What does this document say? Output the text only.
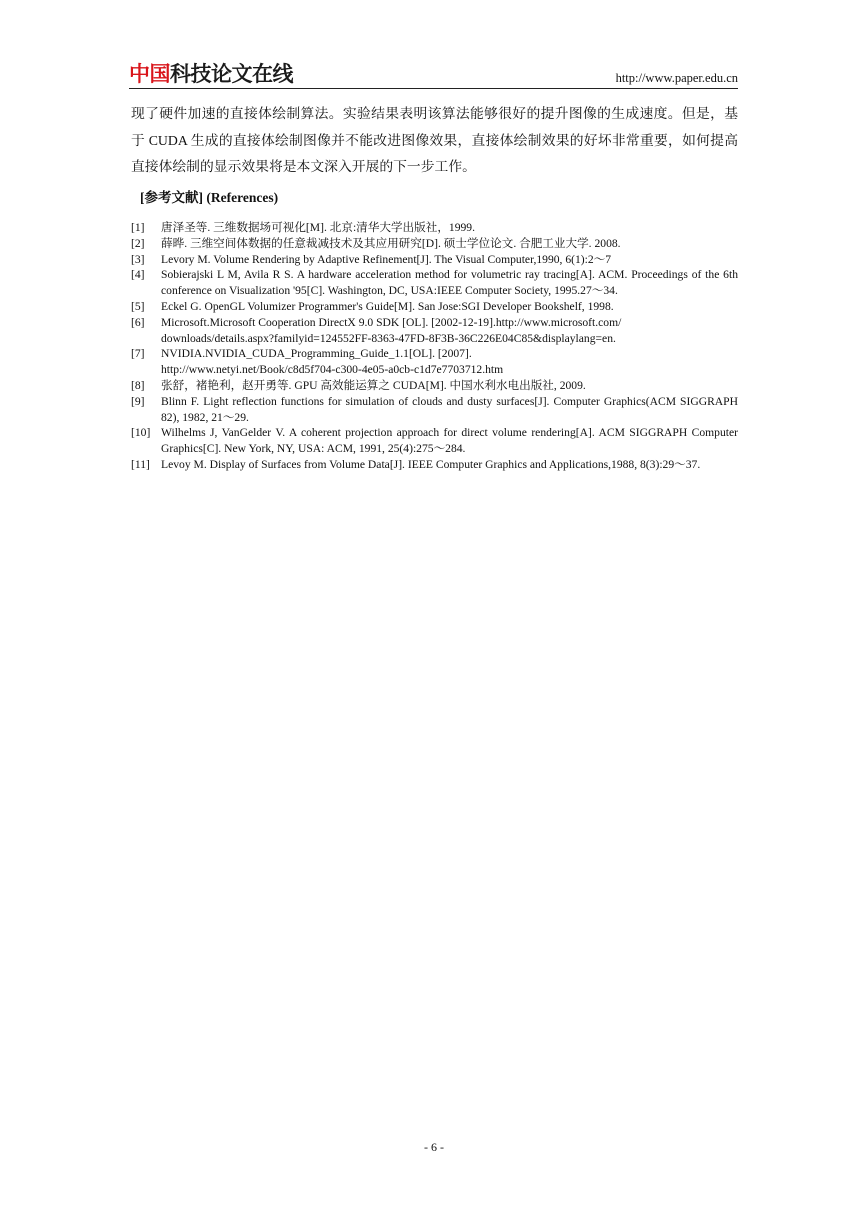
中国科技论文在线	http://www.paper.edu.cn

现了硬件加速的直接体绘制算法。实验结果表明该算法能够很好的提升图像的生成速度。但是，基于 CUDA 生成的直接体绘制图像并不能改进图像效果，直接体绘制效果的好坏非常重要，如何提高直接体绘制的显示效果将是本文深入开展的下一步工作。

[参考文献] (References)
[1] 唐泽圣等. 三维数据场可视化[M]. 北京:清华大学出版社，1999.
[2] 薛晔. 三维空间体数据的任意裁减技术及其应用研究[D]. 硕士学位论文. 合肥工业大学. 2008.
[3] Levory M. Volume Rendering by Adaptive Refinement[J]. The Visual Computer,1990, 6(1):2～7
[4] Sobierajski L M, Avila R S. A hardware acceleration method for volumetric ray tracing[A]. ACM. Proceedings of the 6th conference on Visualization '95[C]. Washington, DC, USA:IEEE Computer Society, 1995.27～34.
[5] Eckel G. OpenGL Volumizer Programmer's Guide[M]. San Jose:SGI Developer Bookshelf, 1998.
[6] Microsoft.Microsoft Cooperation DirectX 9.0 SDK [OL]. [2002-12-19].http://www.microsoft.com/
downloads/details.aspx?familyid=124552FF-8363-47FD-8F3B-36C226E04C85&displaylang=en.
[7] NVIDIA.NVIDIA_CUDA_Programming_Guide_1.1[OL]. [2007].
http://www.netyi.net/Book/c8d5f704-c300-4e05-a0cb-c1d7e7703712.htm
[8] 张舒，褚艳利，赵开勇等. GPU 高效能运算之 CUDA[M]. 中国水利水电出版社, 2009.
[9] Blinn F. Light reflection functions for simulation of clouds and dusty surfaces[J]. Computer Graphics(ACM SIGGRAPH 82), 1982, 21～29.
[10] Wilhelms J, VanGelder V. A coherent projection approach for direct volume rendering[A]. ACM SIGGRAPH Computer Graphics[C]. New York, NY, USA: ACM, 1991, 25(4):275～284.
[11] Levoy M. Display of Surfaces from Volume Data[J]. IEEE Computer Graphics and Applications,1988, 8(3):29～37.
- 6 -
